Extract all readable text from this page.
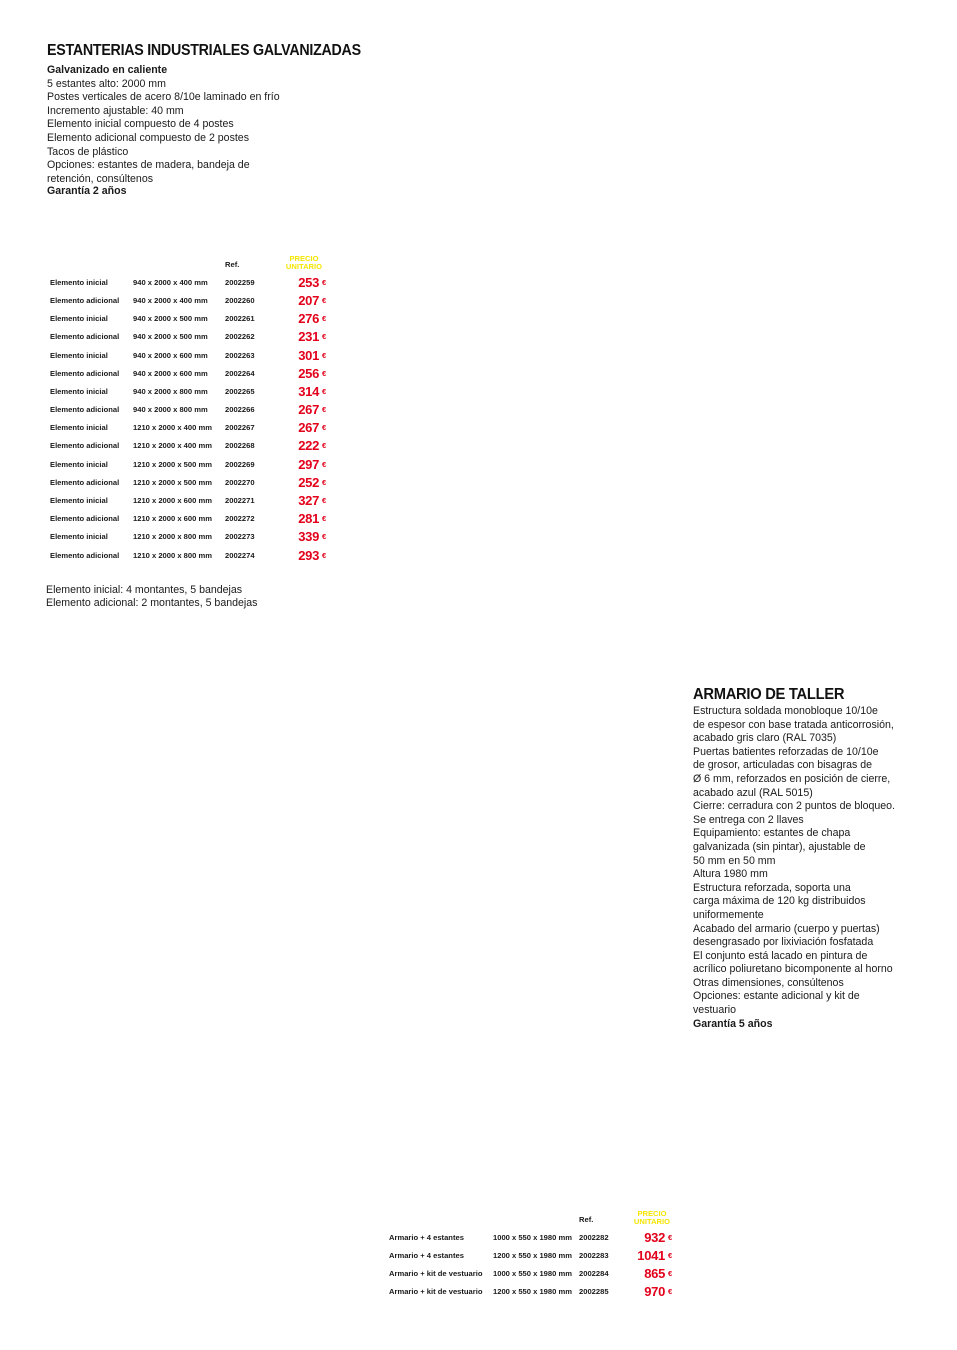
ESTANTERIAS INDUSTRIALES GALVANIZADAS
Galvanizado en caliente
5 estantes alto: 2000 mm
Postes verticales de acero 8/10e laminado en frío
Incremento ajustable: 40 mm
Elemento inicial compuesto de 4 postes
Elemento adicional compuesto de 2 postes
Tacos de plástico
Opciones: estantes de madera, bandeja de
retención, consúltenos
Garantía 2 años
		Ref.	PRECIO
UNITARIO	

Elemento inicial	940 x 2000 x 400 mm	2002259	253	€
Elemento adicional	940 x 2000 x 400 mm	2002260	207	€
Elemento inicial	940 x 2000 x 500 mm	2002261	276	€
Elemento adicional	940 x 2000 x 500 mm	2002262	231	€
Elemento inicial	940 x 2000 x 600 mm	2002263	301	€
Elemento adicional	940 x 2000 x 600 mm	2002264	256	€
Elemento inicial	940 x 2000 x 800 mm	2002265	314	€
Elemento adicional	940 x 2000 x 800 mm	2002266	267	€
Elemento inicial	1210 x 2000 x 400 mm	2002267	267	€
Elemento adicional	1210 x 2000 x 400 mm	2002268	222	€
Elemento inicial	1210 x 2000 x 500 mm	2002269	297	€
Elemento adicional	1210 x 2000 x 500 mm	2002270	252	€
Elemento inicial	1210 x 2000 x 600 mm	2002271	327	€
Elemento adicional	1210 x 2000 x 600 mm	2002272	281	€
Elemento inicial	1210 x 2000 x 800 mm	2002273	339	€
Elemento adicional	1210 x 2000 x 800 mm	2002274	293	€
Elemento inicial: 4 montantes, 5 bandejas
Elemento adicional: 2 montantes, 5 bandejas
ARMARIO DE TALLER
Estructura soldada monobloque 10/10e
de espesor con base tratada anticorrosión,
acabado gris claro (RAL 7035)
Puertas batientes reforzadas de 10/10e
de grosor, articuladas con bisagras de
Ø 6 mm, reforzados en posición de cierre,
acabado azul (RAL 5015)
Cierre: cerradura con 2 puntos de bloqueo.
Se entrega con 2 llaves
Equipamiento: estantes de chapa
galvanizada (sin pintar), ajustable de
50 mm en 50 mm
Altura 1980 mm
Estructura reforzada, soporta una
carga máxima de 120 kg distribuidos
uniformemente
Acabado del armario (cuerpo y puertas)
desengrasado por lixiviación fosfatada
El conjunto está lacado en pintura de
acrílico poliuretano bicomponente al horno
Otras dimensiones, consúltenos
Opciones: estante adicional y kit de
vestuario
Garantía 5 años
		Ref.	PRECIO
UNITARIO	

Armario + 4 estantes	1000 x 550 x 1980 mm	2002282	932	€
Armario + 4 estantes	1200 x 550 x 1980 mm	2002283	1041	€
Armario + kit de vestuario	1000 x 550 x 1980 mm	2002284	865	€
Armario + kit de vestuario	1200 x 550 x 1980 mm	2002285	970	€
